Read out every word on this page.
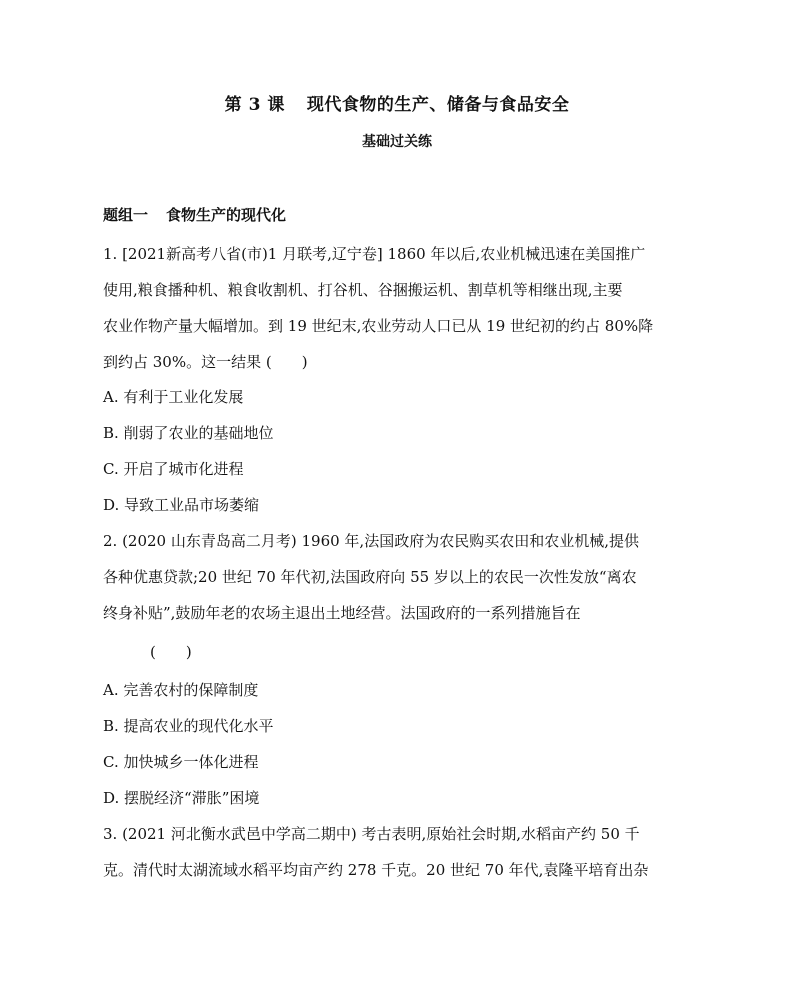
第 3 课 现代食物的生产、储备与食品安全
基础过关练
题组一 食物生产的现代化
1. [2021新高考八省(市)1 月联考,辽宁卷] 1860 年以后,农业机械迅速在美国推广
使用,粮食播种机、粮食收割机、打谷机、谷捆搬运机、割草机等相继出现,主要
农业作物产量大幅增加。到 19 世纪末,农业劳动人口已从 19 世纪初的约占 80%降
到约占 30%。这一结果 (　　)
A. 有利于工业化发展
B. 削弱了农业的基础地位
C. 开启了城市化进程
D. 导致工业品市场萎缩
2. (2020 山东青岛高二月考) 1960 年,法国政府为农民购买农田和农业机械,提供
各种优惠贷款;20 世纪 70 年代初,法国政府向 55 岁以上的农民一次性发放“离农
终身补贴”,鼓励年老的农场主退出土地经营。法国政府的一系列措施旨在
(　　)
A. 完善农村的保障制度
B. 提高农业的现代化水平
C. 加快城乡一体化进程
D. 摆脱经济“滞胀”困境
3. (2021 河北衡水武邑中学高二期中) 考古表明,原始社会时期,水稻亩产约 50 千
克。清代时太湖流域水稻平均亩产约 278 千克。20 世纪 70 年代,袁隆平培育出杂
